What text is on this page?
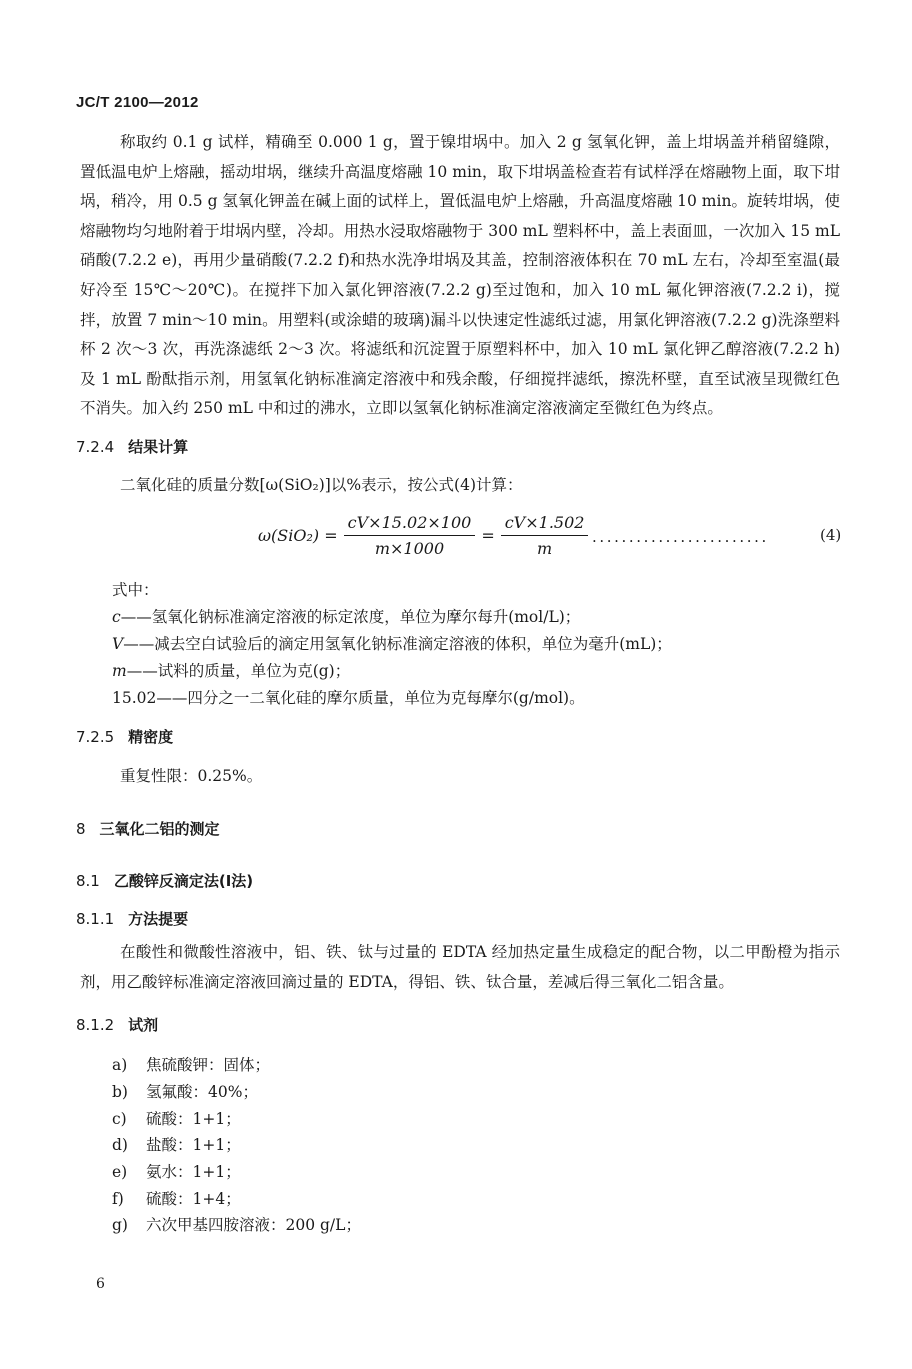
JC/T 2100—2012
称取约 0.1 g 试样，精确至 0.000 1 g，置于镍坩埚中。加入 2 g 氢氧化钾，盖上坩埚盖并稍留缝隙，置低温电炉上熔融，摇动坩埚，继续升高温度熔融 10 min，取下坩埚盖检查若有试样浮在熔融物上面，取下坩埚，稍冷，用 0.5 g 氢氧化钾盖在碱上面的试样上，置低温电炉上熔融，升高温度熔融 10 min。旋转坩埚，使熔融物均匀地附着于坩埚内壁，冷却。用热水浸取熔融物于 300 mL 塑料杯中，盖上表面皿，一次加入 15 mL 硝酸(7.2.2 e)，再用少量硝酸(7.2.2 f)和热水洗净坩埚及其盖，控制溶液体积在 70 mL 左右，冷却至室温(最好冷至 15℃～20℃)。在搅拌下加入氯化钾溶液(7.2.2 g)至过饱和，加入 10 mL 氟化钾溶液(7.2.2 i)，搅拌，放置 7 min～10 min。用塑料(或涂蜡的玻璃)漏斗以快速定性滤纸过滤，用氯化钾溶液(7.2.2 g)洗涤塑料杯 2 次～3 次，再洗涤滤纸 2～3 次。将滤纸和沉淀置于原塑料杯中，加入 10 mL 氯化钾乙醇溶液(7.2.2 h)及 1 mL 酚酞指示剂，用氢氧化钠标准滴定溶液中和残余酸，仔细搅拌滤纸，擦洗杯壁，直至试液呈现微红色不消失。加入约 250 mL 中和过的沸水，立即以氢氧化钠标准滴定溶液滴定至微红色为终点。
7.2.4 结果计算
二氧化硅的质量分数[ω(SiO₂)]以%表示，按公式(4)计算：
$\omega(SiO_2) = \frac{cV\times 15.02\times 100}{m\times 1000} = \frac{cV\times 1.502}{m}$ ........................	(4)
式中：
c——氢氧化钠标准滴定溶液的标定浓度，单位为摩尔每升(mol/L)；
V——减去空白试验后的滴定用氢氧化钠标准滴定溶液的体积，单位为毫升(mL)；
m——试料的质量，单位为克(g)；
15.02——四分之一二氧化硅的摩尔质量，单位为克每摩尔(g/mol)。
7.2.5 精密度
重复性限：0.25%。
8 三氧化二铝的测定
8.1 乙酸锌反滴定法(Ⅰ法)
8.1.1 方法提要
在酸性和微酸性溶液中，铝、铁、钛与过量的 EDTA 经加热定量生成稳定的配合物，以二甲酚橙为指示剂，用乙酸锌标准滴定溶液回滴过量的 EDTA，得铝、铁、钛合量，差减后得三氧化二铝含量。
8.1.2 试剂
a) 焦硫酸钾：固体；
b) 氢氟酸：40%；
c) 硫酸：1+1；
d) 盐酸：1+1；
e) 氨水：1+1；
f) 硫酸：1+4；
g) 六次甲基四胺溶液：200 g/L；
6
